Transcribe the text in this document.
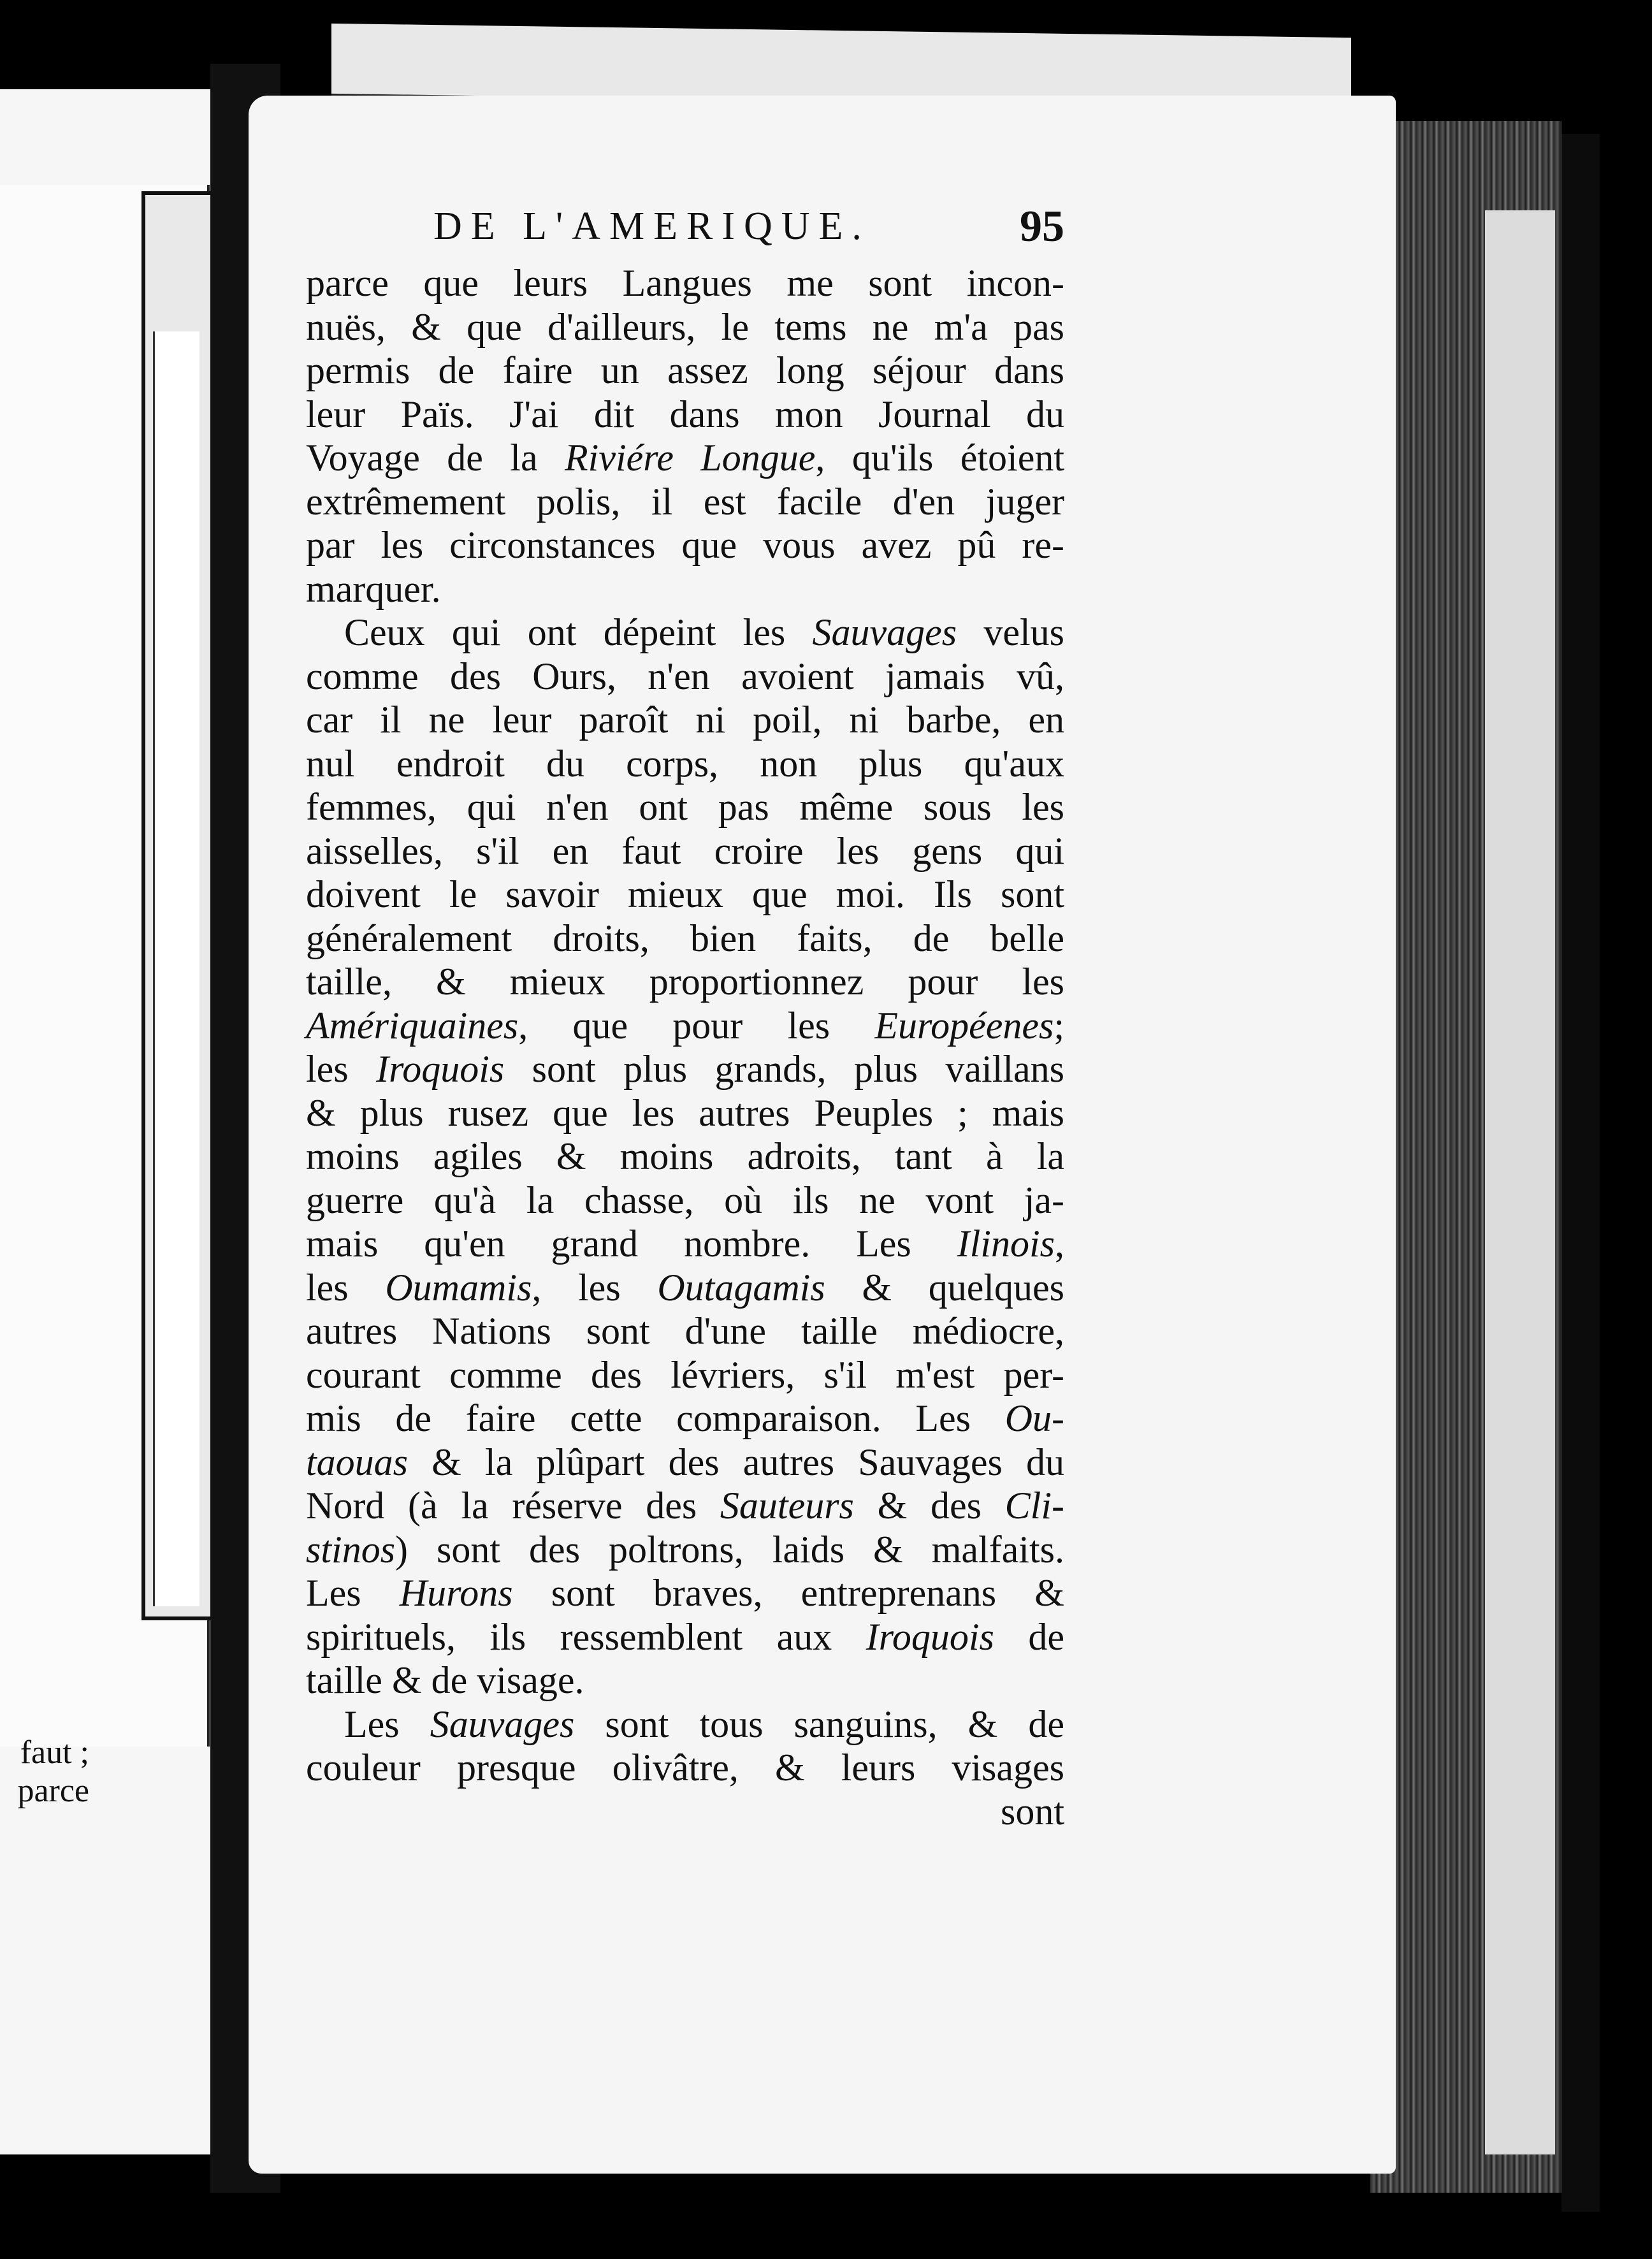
faut ;
parce
DE L'AMERIQUE.	95

parce que leurs Langues me sont incon-

nuës, & que d'ailleurs, le tems ne m'a pas

permis de faire un assez long séjour dans

leur Païs. J'ai dit dans mon Journal du

Voyage de la Riviére Longue, qu'ils étoient

extrêmement polis, il est facile d'en juger

par les circonstances que vous avez pû re-

marquer.

Ceux qui ont dépeint les Sauvages velus

comme des Ours, n'en avoient jamais vû,

car il ne leur paroît ni poil, ni barbe, en

nul endroit du corps, non plus qu'aux

femmes, qui n'en ont pas même sous les

aisselles, s'il en faut croire les gens qui

doivent le savoir mieux que moi. Ils sont

généralement droits, bien faits, de belle

taille, & mieux proportionnez pour les

Amériquaines, que pour les Européenes;

les Iroquois sont plus grands, plus vaillans

& plus rusez que les autres Peuples ; mais

moins agiles & moins adroits, tant à la

guerre qu'à la chasse, où ils ne vont ja-

mais qu'en grand nombre. Les Ilinois,

les Oumamis, les Outagamis & quelques

autres Nations sont d'une taille médiocre,

courant comme des lévriers, s'il m'est per-

mis de faire cette comparaison. Les Ou-

taouas & la plûpart des autres Sauvages du

Nord (à la réserve des Sauteurs & des Cli-

stinos) sont des poltrons, laids & malfaits.

Les Hurons sont braves, entreprenans &

spirituels, ils ressemblent aux Iroquois de

taille & de visage.

Les Sauvages sont tous sanguins, & de

couleur presque olivâtre, & leurs visages

sont
